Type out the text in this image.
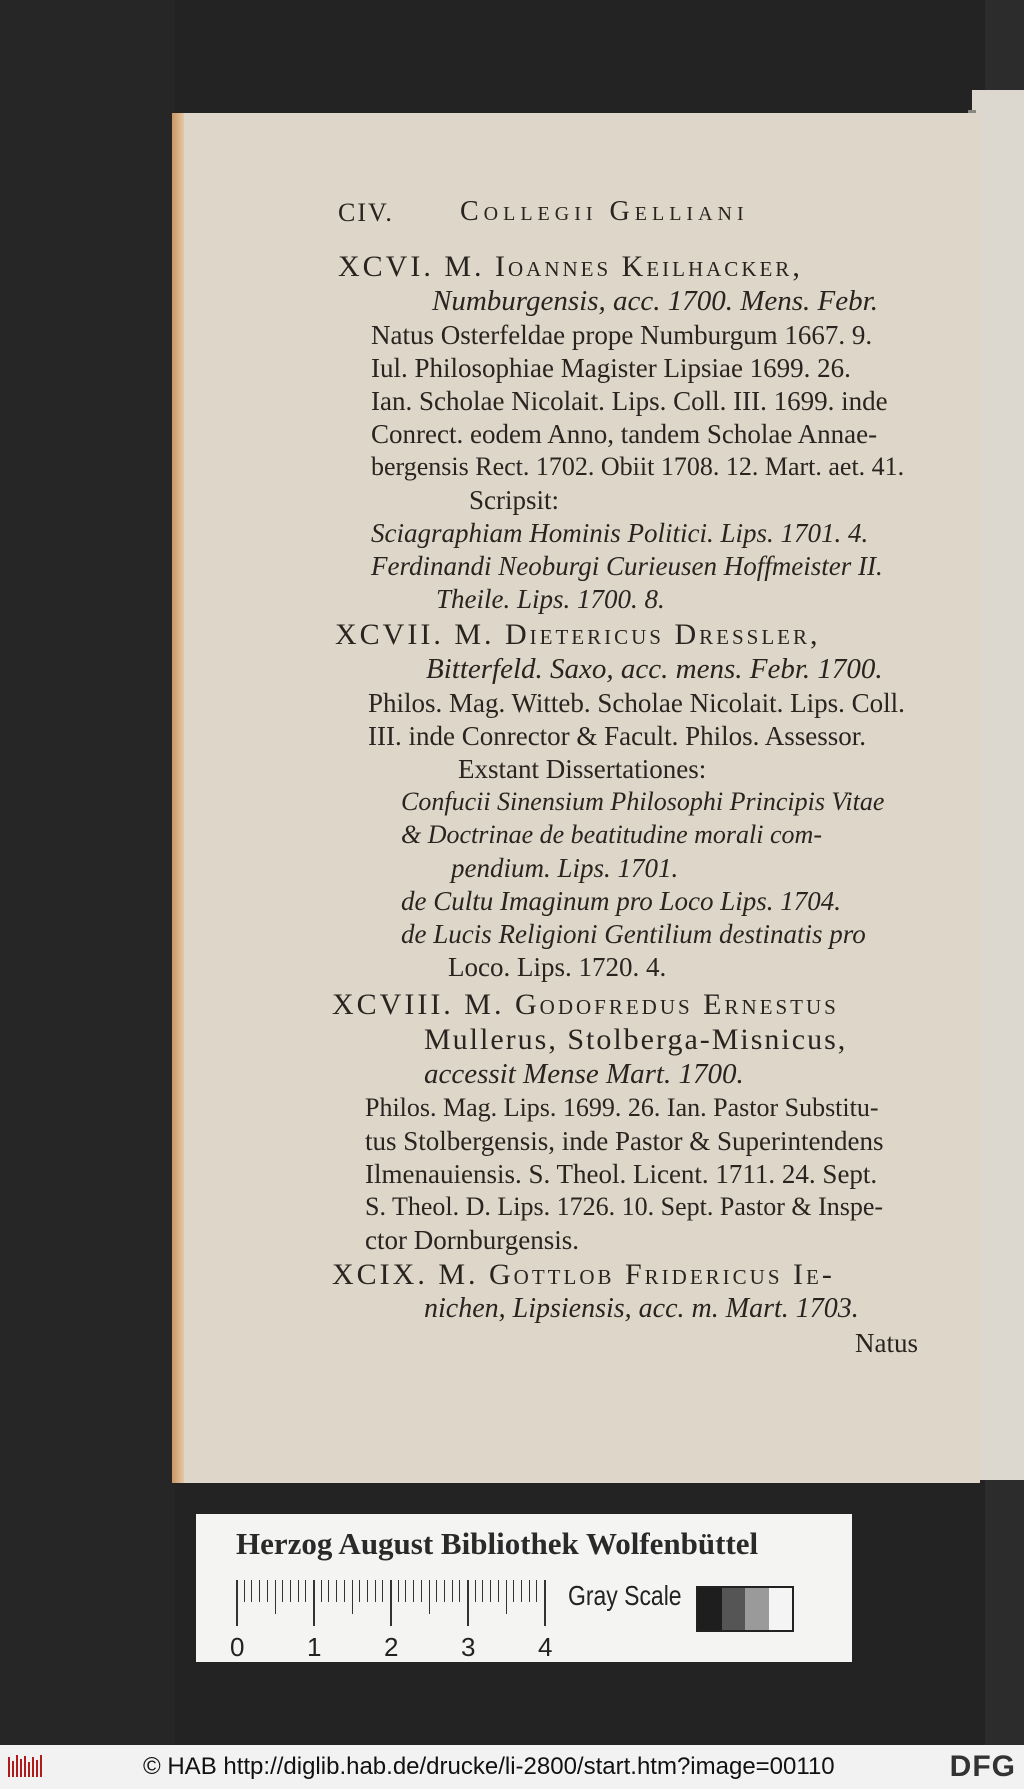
CIV. Collegii Gelliani
XCVI. M. Ioannes Keilhacker,
Numburgensis, acc. 1700. Mens. Febr.
Natus Osterfeldae prope Numburgum 1667. 9.
Iul. Philosophiae Magister Lipsiae 1699. 26.
Ian. Scholae Nicolait. Lips. Coll. III. 1699. inde
Conrect. eodem Anno, tandem Scholae Annae-
bergensis Rect. 1702. Obiit 1708. 12. Mart. aet. 41.
Scripsit:
Sciagraphiam Hominis Politici. Lips. 1701. 4.
Ferdinandi Neoburgi Curieusen Hoffmeister II.
Theile. Lips. 1700. 8.
XCVII. M. Dietericus Dressler,
Bitterfeld. Saxo, acc. mens. Febr. 1700.
Philos. Mag. Witteb. Scholae Nicolait. Lips. Coll.
III. inde Conrector & Facult. Philos. Assessor.
Exstant Dissertationes:
Confucii Sinensium Philosophi Principis Vitae
& Doctrinae de beatitudine morali com-
pendium. Lips. 1701.
de Cultu Imaginum pro Loco Lips. 1704.
de Lucis Religioni Gentilium destinatis pro
Loco. Lips. 1720. 4.
XCVIII. M. Godofredus Ernestus
Mullerus, Stolberga-Misnicus,
accessit Mense Mart. 1700.
Philos. Mag. Lips. 1699. 26. Ian. Pastor Substitu-
tus Stolbergensis, inde Pastor & Superintendens
Ilmenauiensis. S. Theol. Licent. 1711. 24. Sept.
S. Theol. D. Lips. 1726. 10. Sept. Pastor & Inspe-
ctor Dornburgensis.
XCIX. M. Gottlob Fridericus Ie-
nichen, Lipsiensis, acc. m. Mart. 1703.
Natus
Herzog August Bibliothek Wolfenbüttel
0 1 2 3 4
Gray Scale
© HAB http://diglib.hab.de/drucke/li-2800/start.htm?image=00110	DFG
